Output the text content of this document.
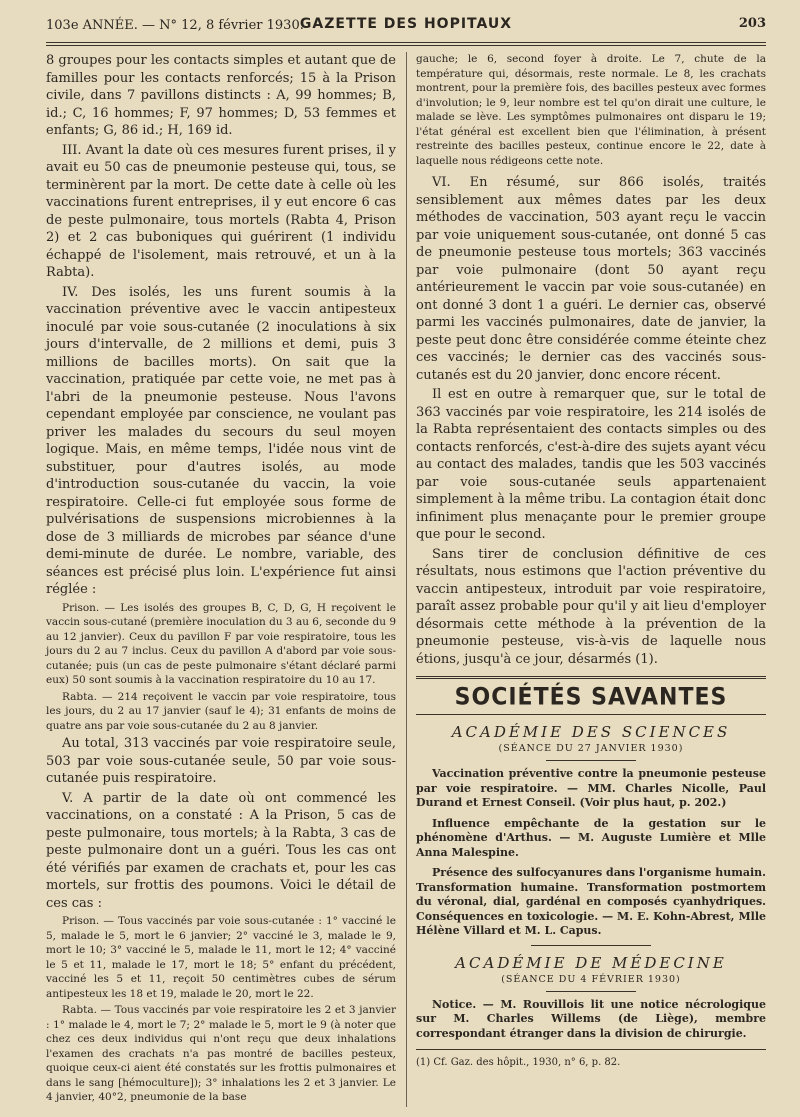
103e ANNÉE. — N° 12, 8 février 1930.
GAZETTE DES HOPITAUX	203

8 groupes pour les contacts simples et autant que de familles pour les contacts renforcés; 15 à la Prison civile, dans 7 pavillons distincts : A, 99 hommes; B, id.; C, 16 hommes; F, 97 hommes; D, 53 femmes et enfants; G, 86 id.; H, 169 id.

III. Avant la date où ces mesures furent prises, il y avait eu 50 cas de pneumonie pesteuse qui, tous, se terminèrent par la mort. De cette date à celle où les vaccinations furent entreprises, il y eut encore 6 cas de peste pulmonaire, tous mortels (Rabta 4, Prison 2) et 2 cas buboniques qui guérirent (1 individu échappé de l'isolement, mais retrouvé, et un à la Rabta).

IV. Des isolés, les uns furent soumis à la vaccination préventive avec le vaccin antipesteux inoculé par voie sous-cutanée (2 inoculations à six jours d'intervalle, de 2 millions et demi, puis 3 millions de bacilles morts). On sait que la vaccination, pratiquée par cette voie, ne met pas à l'abri de la pneumonie pesteuse. Nous l'avons cependant employée par conscience, ne voulant pas priver les malades du secours du seul moyen logique. Mais, en même temps, l'idée nous vint de substituer, pour d'autres isolés, au mode d'introduction sous-cutanée du vaccin, la voie respiratoire. Celle-ci fut employée sous forme de pulvérisations de suspensions microbiennes à la dose de 3 milliards de microbes par séance d'une demi-minute de durée. Le nombre, variable, des séances est précisé plus loin. L'expérience fut ainsi réglée :

Prison. — Les isolés des groupes B, C, D, G, H reçoivent le vaccin sous-cutané (première inoculation du 3 au 6, seconde du 9 au 12 janvier). Ceux du pavillon F par voie respiratoire, tous les jours du 2 au 7 inclus. Ceux du pavillon A d'abord par voie sous-cutanée; puis (un cas de peste pulmonaire s'étant déclaré parmi eux) 50 sont soumis à la vaccination respiratoire du 10 au 17.

Rabta. — 214 reçoivent le vaccin par voie respiratoire, tous les jours, du 2 au 17 janvier (sauf le 4); 31 enfants de moins de quatre ans par voie sous-cutanée du 2 au 8 janvier.

Au total, 313 vaccinés par voie respiratoire seule, 503 par voie sous-cutanée seule, 50 par voie sous-cutanée puis respiratoire.

V. A partir de la date où ont commencé les vaccinations, on a constaté : A la Prison, 5 cas de peste pulmonaire, tous mortels; à la Rabta, 3 cas de peste pulmonaire dont un a guéri. Tous les cas ont été vérifiés par examen de crachats et, pour les cas mortels, sur frottis des poumons. Voici le détail de ces cas :

Prison. — Tous vaccinés par voie sous-cutanée : 1° vacciné le 5, malade le 5, mort le 6 janvier; 2° vacciné le 3, malade le 9, mort le 10; 3° vacciné le 5, malade le 11, mort le 12; 4° vacciné le 5 et 11, malade le 17, mort le 18; 5° enfant du précédent, vacciné les 5 et 11, reçoit 50 centimètres cubes de sérum antipesteux les 18 et 19, malade le 20, mort le 22.

Rabta. — Tous vaccinés par voie respiratoire les 2 et 3 janvier : 1° malade le 4, mort le 7; 2° malade le 5, mort le 9 (à noter que chez ces deux individus qui n'ont reçu que deux inhalations l'examen des crachats n'a pas montré de bacilles pesteux, quoique ceux-ci aient été constatés sur les frottis pulmonaires et dans le sang [hémoculture]); 3° inhalations les 2 et 3 janvier. Le 4 janvier, 40°2, pneumonie de la base

gauche; le 6, second foyer à droite. Le 7, chute de la température qui, désormais, reste normale. Le 8, les crachats montrent, pour la première fois, des bacilles pesteux avec formes d'involution; le 9, leur nombre est tel qu'on dirait une culture, le malade se lève. Les symptômes pulmonaires ont disparu le 19; l'état général est excellent bien que l'élimination, à présent restreinte des bacilles pesteux, continue encore le 22, date à laquelle nous rédigeons cette note.

VI. En résumé, sur 866 isolés, traités sensiblement aux mêmes dates par les deux méthodes de vaccination, 503 ayant reçu le vaccin par voie uniquement sous-cutanée, ont donné 5 cas de pneumonie pesteuse tous mortels; 363 vaccinés par voie pulmonaire (dont 50 ayant reçu antérieurement le vaccin par voie sous-cutanée) en ont donné 3 dont 1 a guéri. Le dernier cas, observé parmi les vaccinés pulmonaires, date de janvier, la peste peut donc être considérée comme éteinte chez ces vaccinés; le dernier cas des vaccinés sous-cutanés est du 20 janvier, donc encore récent.

Il est en outre à remarquer que, sur le total de 363 vaccinés par voie respiratoire, les 214 isolés de la Rabta représentaient des contacts simples ou des contacts renforcés, c'est-à-dire des sujets ayant vécu au contact des malades, tandis que les 503 vaccinés par voie sous-cutanée seuls appartenaient simplement à la même tribu. La contagion était donc infiniment plus menaçante pour le premier groupe que pour le second.

Sans tirer de conclusion définitive de ces résultats, nous estimons que l'action préventive du vaccin antipesteux, introduit par voie respiratoire, paraît assez probable pour qu'il y ait lieu d'employer désormais cette méthode à la prévention de la pneumonie pesteuse, vis-à-vis de laquelle nous étions, jusqu'à ce jour, désarmés (1).

SOCIÉTÉS SAVANTES
ACADÉMIE DES SCIENCES
(SÉANCE DU 27 JANVIER 1930)

Vaccination préventive contre la pneumonie pesteuse par voie respiratoire. — MM. Charles Nicolle, Paul Durand et Ernest Conseil. (Voir plus haut, p. 202.)

Influence empêchante de la gestation sur le phénomène d'Arthus. — M. Auguste Lumière et Mlle Anna Malespine.

Présence des sulfocyanures dans l'organisme humain. Transformation humaine. Transformation postmortem du véronal, dial, gardénal en composés cyanhydriques. Conséquences en toxicologie. — M. E. Kohn-Abrest, Mlle Hélène Villard et M. L. Capus.

ACADÉMIE DE MÉDECINE
(SÉANCE DU 4 FÉVRIER 1930)

Notice. — M. Rouvillois lit une notice nécrologique sur M. Charles Willems (de Liège), membre correspondant étranger dans la division de chirurgie.

(1) Cf. Gaz. des hôpit., 1930, n° 6, p. 82.
